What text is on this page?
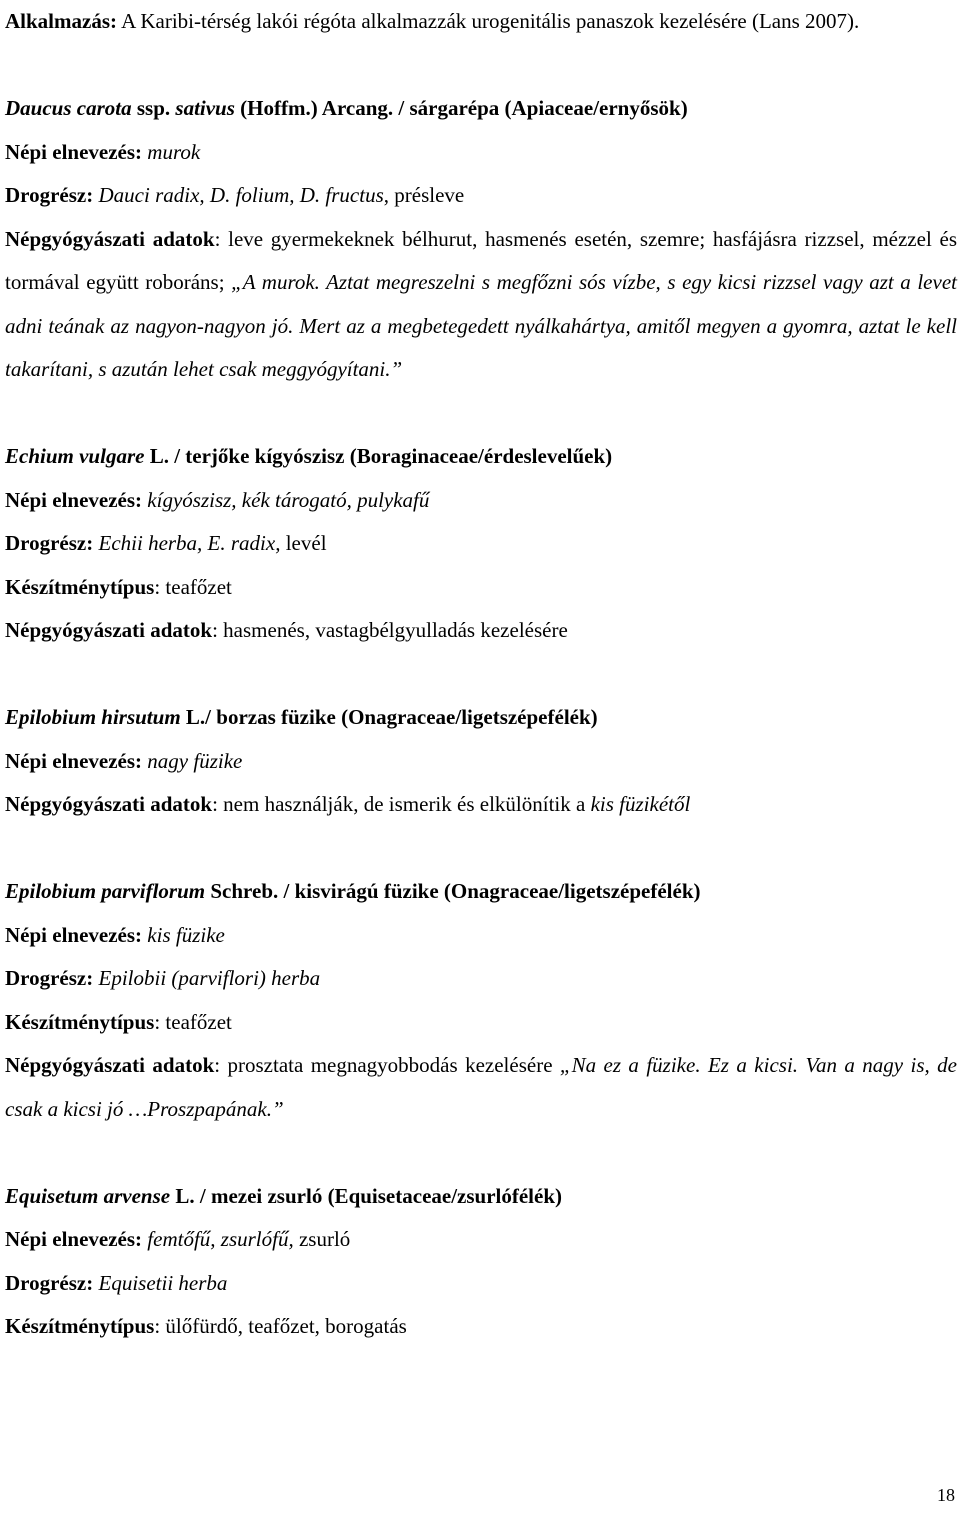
Alkalmazás: A Karibi-térség lakói régóta alkalmazzák urogenitális panaszok kezelésére (Lans 2007).

Daucus carota ssp. sativus (Hoffm.) Arcang. / sárgarépa (Apiaceae/ernyősök)

Népi elnevezés: murok

Drogrész: Dauci radix, D. folium, D. fructus, présleve

Népgyógyászati adatok: leve gyermekeknek bélhurut, hasmenés esetén, szemre; hasfájásra rizzsel, mézzel és tormával együtt roboráns; „A murok. Aztat megreszelni s megfőzni sós vízbe, s egy kicsi rizzsel vagy azt a levet adni teának az nagyon-nagyon jó. Mert az a megbetegedett nyálkahártya, amitől megyen a gyomra, aztat le kell takarítani, s azután lehet csak meggyógyítani.”

Echium vulgare L. / terjőke kígyószisz (Boraginaceae/érdeslevelűek)

Népi elnevezés: kígyószisz, kék tárogató, pulykafű

Drogrész: Echii herba, E. radix, levél

Készítménytípus: teafőzet

Népgyógyászati adatok: hasmenés, vastagbélgyulladás kezelésére

Epilobium hirsutum L./ borzas füzike (Onagraceae/ligetszépefélék)

Népi elnevezés: nagy füzike

Népgyógyászati adatok: nem használják, de ismerik és elkülönítik a kis füzikétől

Epilobium parviflorum Schreb. / kisvirágú füzike (Onagraceae/ligetszépefélék)

Népi elnevezés: kis füzike

Drogrész: Epilobii (parviflori) herba

Készítménytípus: teafőzet

Népgyógyászati adatok: prosztata megnagyobbodás kezelésére „Na ez a füzike. Ez a kicsi. Van a nagy is, de csak a kicsi jó …Proszpapának.”

Equisetum arvense L. / mezei zsurló (Equisetaceae/zsurlófélék)

Népi elnevezés: femtőfű, zsurlófű, zsurló

Drogrész: Equisetii herba

Készítménytípus: ülőfürdő, teafőzet, borogatás

18
